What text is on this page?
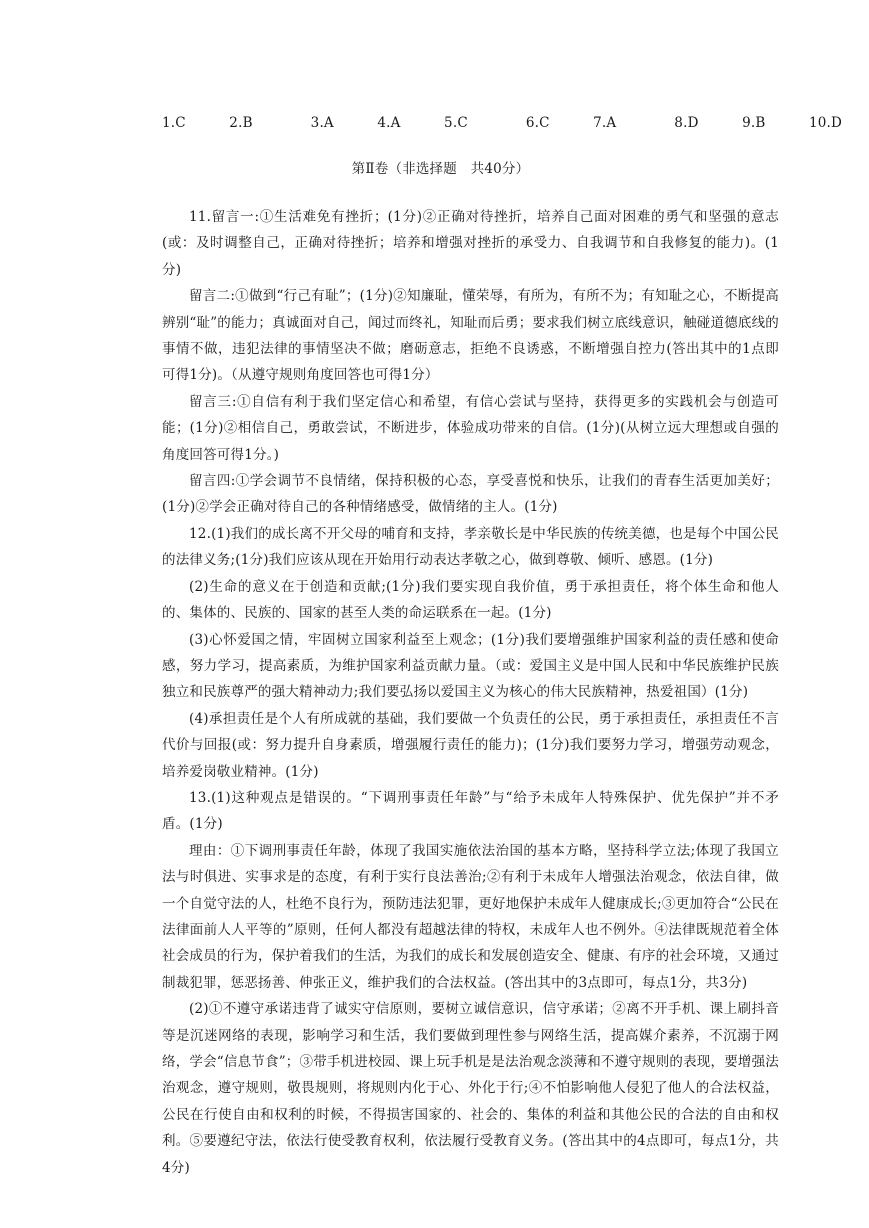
1.C   2.B    3.A   4.A   5.C    6.C   7.A    8.D   9.B   10.D
第Ⅱ卷（非选择题　共40分）

11.留言一:①生活难免有挫折；(1分)②正确对待挫折，培养自己面对困难的勇气和坚强的意志(或：及时调整自己，正确对待挫折；培养和增强对挫折的承受力、自我调节和自我修复的能力)。(1分)

留言二:①做到“行己有耻”；(1分)②知廉耻，懂荣辱，有所为，有所不为；有知耻之心，不断提高辨别“耻”的能力；真诚面对自己，闻过而终礼，知耻而后勇；要求我们树立底线意识，触碰道德底线的事情不做，违犯法律的事情坚决不做；磨砺意志，拒绝不良诱惑，不断增强自控力(答出其中的1点即可得1分)。（从遵守规则角度回答也可得1分）

留言三:①自信有利于我们坚定信心和希望，有信心尝试与坚持，获得更多的实践机会与创造可能；(1分)②相信自己，勇敢尝试，不断进步，体验成功带来的自信。(1分)(从树立远大理想或自强的角度回答可得1分。)

留言四:①学会调节不良情绪，保持积极的心态，享受喜悦和快乐，让我们的青春生活更加美好；(1分)②学会正确对待自己的各种情绪感受，做情绪的主人。(1分)

12.(1)我们的成长离不开父母的哺育和支持，孝亲敬长是中华民族的传统美德，也是每个中国公民的法律义务;(1分)我们应该从现在开始用行动表达孝敬之心，做到尊敬、倾听、感恩。(1分)

(2)生命的意义在于创造和贡献;(1分)我们要实现自我价值，勇于承担责任，将个体生命和他人的、集体的、民族的、国家的甚至人类的命运联系在一起。(1分)

(3)心怀爱国之情，牢固树立国家利益至上观念；(1分)我们要增强维护国家利益的责任感和使命感，努力学习，提高素质，为维护国家利益贡献力量。（或：爱国主义是中国人民和中华民族维护民族独立和民族尊严的强大精神动力;我们要弘扬以爱国主义为核心的伟大民族精神，热爱祖国）(1分)

(4)承担责任是个人有所成就的基础，我们要做一个负责任的公民，勇于承担责任，承担责任不言代价与回报(或：努力提升自身素质，增强履行责任的能力)；(1分)我们要努力学习，增强劳动观念，培养爱岗敬业精神。(1分)

13.(1)这种观点是错误的。“下调刑事责任年龄”与“给予未成年人特殊保护、优先保护”并不矛盾。(1分)

理由：①下调刑事责任年龄，体现了我国实施依法治国的基本方略，坚持科学立法;体现了我国立法与时俱进、实事求是的态度，有利于实行良法善治;②有利于未成年人增强法治观念，依法自律，做一个自觉守法的人，杜绝不良行为，预防违法犯罪，更好地保护未成年人健康成长;③更加符合“公民在法律面前人人平等的”原则，任何人都没有超越法律的特权，未成年人也不例外。④法律既规范着全体社会成员的行为，保护着我们的生活，为我们的成长和发展创造安全、健康、有序的社会环境，又通过制裁犯罪，惩恶扬善、伸张正义，维护我们的合法权益。(答出其中的3点即可，每点1分，共3分)

(2)①不遵守承诺违背了诚实守信原则，要树立诚信意识，信守承诺；②离不开手机、课上刷抖音等是沉迷网络的表现，影响学习和生活，我们要做到理性参与网络生活，提高媒介素养，不沉溺于网络，学会“信息节食”；③带手机进校园、课上玩手机是是法治观念淡薄和不遵守规则的表现，要增强法治观念，遵守规则，敬畏规则，将规则内化于心、外化于行;④不怕影响他人侵犯了他人的合法权益，公民在行使自由和权利的时候，不得损害国家的、社会的、集体的利益和其他公民的合法的自由和权利。⑤要遵纪守法，依法行使受教育权利，依法履行受教育义务。(答出其中的4点即可，每点1分，共4分)
